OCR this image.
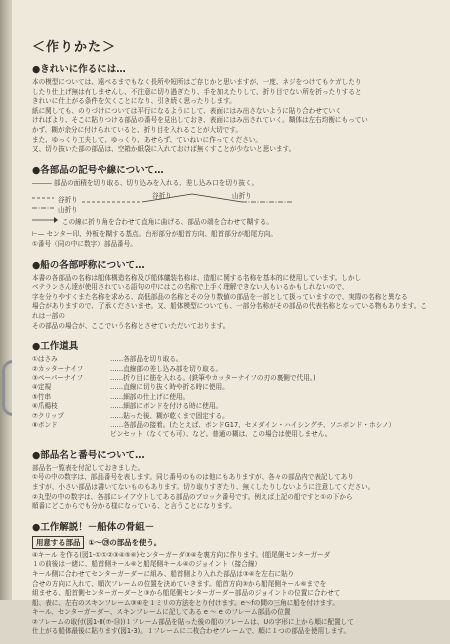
＜作りかた＞
●きれいに作るには…

本の模型については、遠べるまでもなく長所や短所はご存じかと思いますが、一度、ネジをつけてもケガしたり

したり仕上げ無は有しませんし、不注意に切り過ぎたり、手を加えたりして、折り目でない所を折ったりすると

きれいに仕上がる条件を欠くことになり、引き続く思ったりします。

紙に関しても、のりづけについては平行になるようにして、表面にはみ出さないように貼り合わせていく

ければより、そこに貼りつける部品の番号を見出しておき、表面にはみ出されていく。糊体は左右均衡にもってい

かず、糊が余分に付けられていると、折り目を入れることが大切です。

また、ゆっくり工夫して、ゆっくり、あせらず、ていねいに作ってください。

又、切り抜いた部の部品は、空箱か紙袋に入れておけば無くすことが少ないと思います。

●各部品の記号や線について…

――― 部品の面積を切り取る、切り込みを入れる、差し込み口を切り抜く。

谷折り
山折り
谷折り	山折り
この線に折り角を合わせて直角に曲げる、部品の端を合わせて糊する。

⊢— センター印、外板を糊する基点。台形部分が船首方向、船首部分が船尾方向。

①番号（同の中に数字）部品番号。

●船の各部呼称について…

本書の各部品の名称は船体構造名称及び船体艤装名称は、造船に関する名称を基本的に使用しています。しかし

ベテランさん達が使用されている語句の中にはこの名称で上手く理解できない人もいるかもしれないので、

字を分りやすくまた名称を求める、高低部品の名称とその分り数値の部品を一部として扱っていますので、実際の名称と異なる

場合がありますので、了承くださいませ。又、船体模型についても、一部分名称がその部品の代表名称となっている物もあります。これは一部の

その部品の場合が、ここでいう名称とさせていただいております。

●工作道具
①はさみ	……各部品を切り取る。
②カッターナイフ	……直線部の差し込み部を切り取る。
③ペーパーナイフ	……折り目に筋を入れる。(鉄筆やカッターナイフの刃の裏側で代用。)
④定規	……直線に切り抜く時や折る時に使用。
⑤竹串	……細部の仕上げに使用。
⑥爪楊枝	……細部にボンドを付ける時に使用。
⑦クリップ	……貼った後、糊が乾くまで固定する。
⑧ボンド	……各部品の接着。(たとえば、ボンドG17、セメダイン・ハイシングチ、ソニボンド・ホシノ）
ピンセット（なくても可）、など。普通の糊は、この場合は使用しません。
●部品名と番号について…

部品名一覧表を付記しておきました。

①号の中の数字は、部品番号を表します。同じ番号のものは他にもありますが、各々の部品内で表記してあり

ますが、小さい部品は書いてないものもあります。切り取りすぎたり、無くしたりしないように注意してください。

②丸型の中の数字は、各部にレイアウトしてある部品のブロック番号です。例えば上記の船ですと①の下から

順番にどこからでも分かる様になっている、と言うことになります。

●工作解説！－船体の骨組－
用意する部品 ①～㉙の部品を使う。

④キール を作る(図1-①①②③④⑤⑥)センターガーダ③④を裏方向に作ります。(船尾側センターガーダ

１の前後は一緒に、船首側キール⑥と船尾側キール④のジョイント（接合線）

キール側に合わせてセンターガーダーに組み、船首側より入れた部品は③④を左右に貼り

合せの方向に入れて、順次フレームの位置を決めていきます。船首方向③から船尾側キール⑥までを

組ませる、船首側センターガーダーと③から船尾側センターガーダー部品のジョイントの位置に合わせて

船、表に、左右のスキンフレーム③④を１ミリの方法をとり付けます。e～fの間の三角に船を付けます。

キール、センターガーダー、スキンフレームに記してある e ～ e のフレーム部品の位置

②フレームの取付(図1-Ⅱ(⑦-⑭))１フレーム部品を貼った後の船のフレームは、Uの字形に上から順に配置して

仕上がる船体最後に貼ります(図1-3)。１フレームに二枚合わせフレームで、順に１つの部品を使用します。
